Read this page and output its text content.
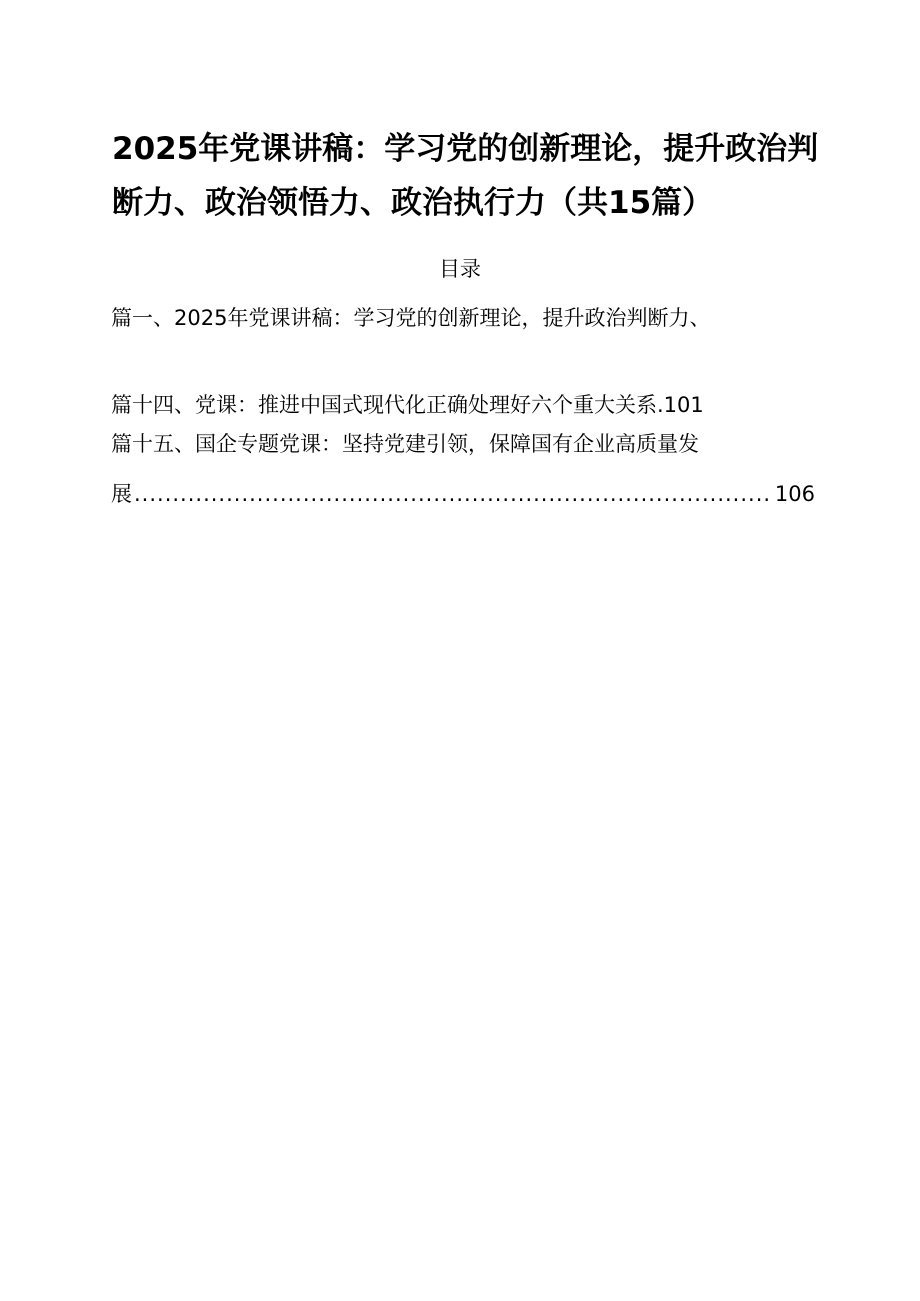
2025年党课讲稿：学习党的创新理论，提升政治判
断力、政治领悟力、政治执行力（共15篇）
目录
篇一、2025年党课讲稿：学习党的创新理论，提升政治判断力、
篇十四、党课：推进中国式现代化正确处理好六个重大关系.101
篇十五、国企专题党课：坚持党建引领，保障国有企业高质量发
展
.....	106
